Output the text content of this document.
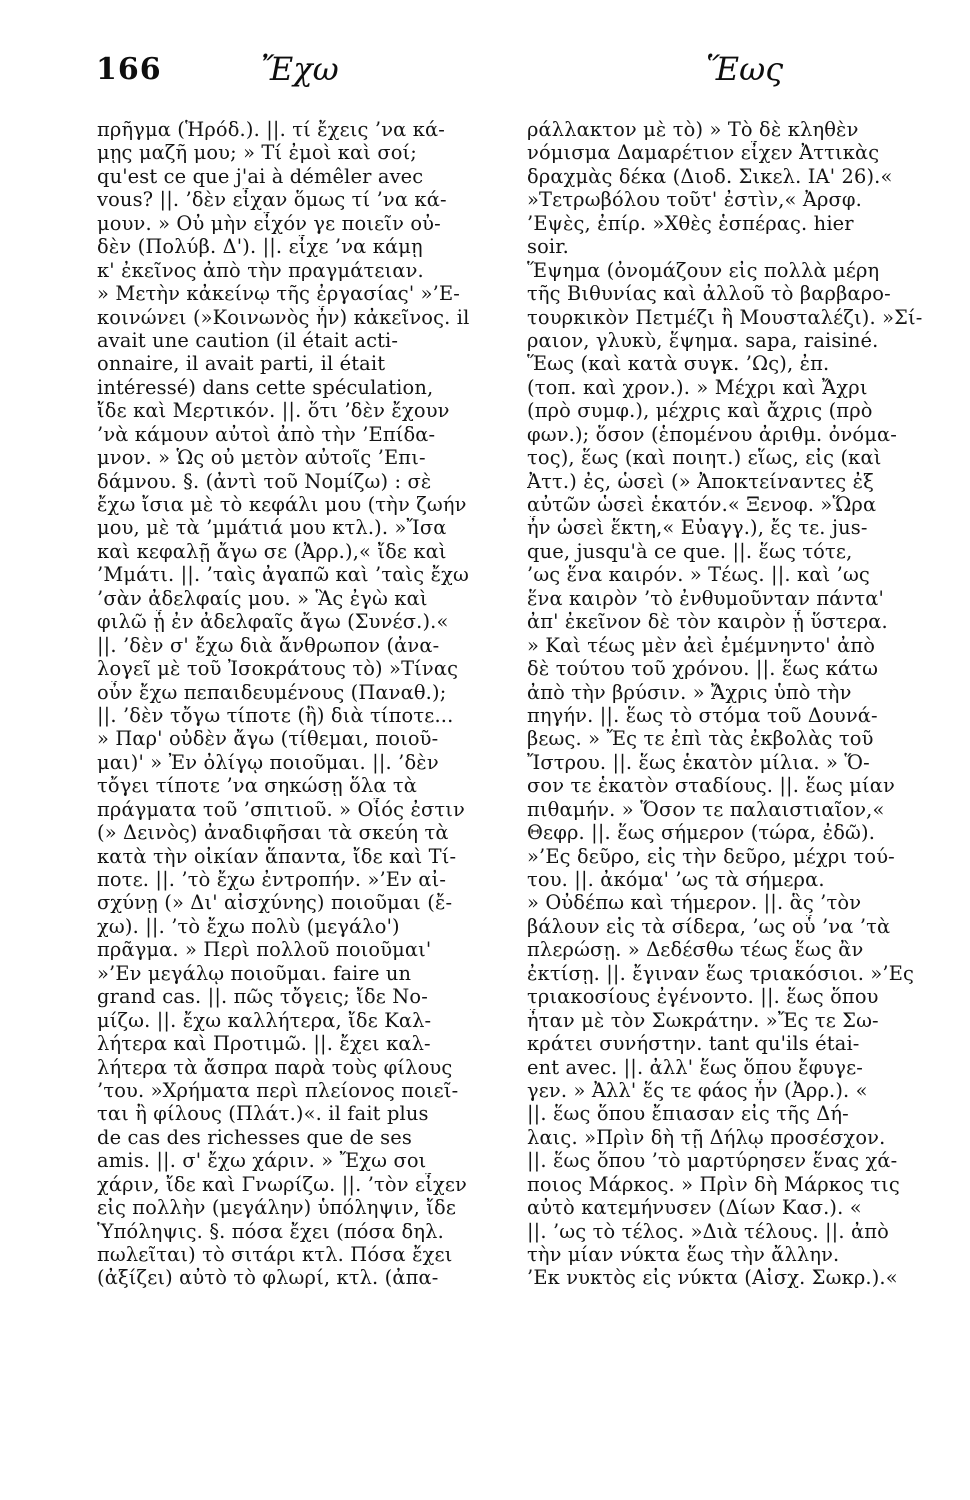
166	Ἔχω	Ἕως
πρῆγμα (Ἡρόδ.). ||. τί ἔχεις ’να κά-
μῃς μαζῆ μου; » Τί ἐμοὶ καὶ σοί;
qu'est ce que j'ai à démêler avec
vous? ||. ’δὲν εἶχαν ὅμως τί ’να κά-
μουν. » Οὐ μὴν εἶχόν γε ποιεῖν οὐ-
δὲν (Πολύβ. Δ'). ||. εἶχε ’να κάμῃ
κ' ἐκεῖνος ἀπὸ τὴν πραγμάτειαν.
» Μετὴν κἀκείνῳ τῆς ἐργασίας' »’Ε-
κοινώνει (»Κοινωνὸς ἦν) κἀκεῖνος. il
avait une caution (il était acti-
onnaire, il avait parti, il était
intéressé) dans cette spéculation,
ἴδε καὶ Μερτικόν. ||. ὅτι ’δὲν ἔχουν
’νὰ κάμουν αὐτοὶ ἀπὸ τὴν ’Επίδα-
μνον. » Ὡς οὐ μετὸν αὐτοῖς ’Επι-
δάμνου. §. (ἀντὶ τοῦ Νομίζω) : σὲ
ἔχω ἴσια μὲ τὸ κεφάλι μου (τὴν ζωήν
μου, μὲ τὰ ’μμάτιά μου κτλ.). »Ἴσα
καὶ κεφαλῇ ἄγω σε (Ἀρρ.),« ἴδε καὶ
’Μμάτι. ||. ’ταὶς ἀγαπῶ καὶ ’ταὶς ἔχω
’σὰν ἀδελφαίς μου. » Ἃς ἐγὼ καὶ
φιλῶ ᾗ ἐν ἀδελφαῖς ἄγω (Συνέσ.).«
||. ’δὲν σ' ἔχω διὰ ἄνθρωπον (ἀνα-
λογεῖ μὲ τοῦ Ἰσοκράτους τὸ) »Τίνας
οὖν ἔχω πεπαιδευμένους (Παναθ.);
||. ’δὲν τὄγω τίποτε (ἢ) διὰ τίποτε...
» Παρ' οὐδὲν ἄγω (τίθεμαι, ποιοῦ-
μαι)' » Ἐν ὀλίγῳ ποιοῦμαι. ||. ’δὲν
τὄγει τίποτε ’να σηκώσῃ ὅλα τὰ
πράγματα τοῦ ’σπιτιοῦ. » Οἷός ἐστιν
(» Δεινὸς) ἀναδιφῆσαι τὰ σκεύη τὰ
κατὰ τὴν οἰκίαν ἅπαντα, ἴδε καὶ Τί-
ποτε. ||. ’τὸ ἔχω ἐντροπήν. »’Εν αἰ-
σχύνῃ (» Δι' αἰσχύνης) ποιοῦμαι (ἔ-
χω). ||. ’τὸ ἔχω πολὺ (μεγάλο')
πρᾶγμα. » Περὶ πολλοῦ ποιοῦμαι'
»’Εν μεγάλῳ ποιοῦμαι. faire un
grand cas. ||. πῶς τὄγεις; ἴδε Νο-
μίζω. ||. ἔχω καλλήτερα, ἴδε Καλ-
λήτερα καὶ Προτιμῶ. ||. ἔχει καλ-
λήτερα τὰ ἄσπρα παρὰ τοὺς φίλους
’του. »Χρήματα περὶ πλείονος ποιεῖ-
ται ἢ φίλους (Πλάτ.)«. il fait plus
de cas des richesses que de ses
amis. ||. σ' ἔχω χάριν. » Ἔχω σοι
χάριν, ἴδε καὶ Γνωρίζω. ||. ’τὸν εἶχεν
εἰς πολλὴν (μεγάλην) ὑπόληψιν, ἴδε
Ὑπόληψις. §. πόσα ἔχει (πόσα δηλ.
πωλεῖται) τὸ σιτάρι κτλ. Πόσα ἔχει
(ἀξίζει) αὐτὸ τὸ φλωρί, κτλ. (ἀπα-
ράλλακτον μὲ τὸ) » Τὸ δὲ κληθὲν
νόμισμα Δαμαρέτιον εἶχεν Ἀττικὰς
δραχμὰς δέκα (Διοδ. Σικελ. ΙΑ' 26).«
»Τετρωβόλου τοῦτ' ἐστὶν,« Ἀρσφ.
’Εψὲς, ἐπίρ. »Χθὲς ἑσπέρας. hier
soir.
Ἕψημα (ὀνομάζουν εἰς πολλὰ μέρη
τῆς Βιθυνίας καὶ ἀλλοῦ τὸ βαρβαρο-
τουρκικὸν Πετμέζι ἢ Μουσταλέζι). »Σί-
ραιον, γλυκὺ, ἕψημα. sapa, raisiné.
Ἕως (καὶ κατὰ συγκ. ’Ως), ἐπ.
(τοπ. καὶ χρον.). » Μέχρι καὶ Ἄχρι
(πρὸ συμφ.), μέχρις καὶ ἄχρις (πρὸ
φων.); ὅσον (ἑπομένου ἀριθμ. ὀνόμα-
τος), ἕως (καὶ ποιητ.) εἵως, εἰς (καὶ
Ἀττ.) ἐς, ὡσεὶ (» Ἀποκτείναντες ἐξ
αὐτῶν ὡσεὶ ἑκατόν.« Ξενοφ. »Ὥρα
ἦν ὡσεὶ ἕκτη,« Εὐαγγ.), ἔς τε. jus-
que, jusqu'à ce que. ||. ἕως τότε,
’ως ἕνα καιρόν. » Τέως. ||. καὶ ’ως
ἕνα καιρὸν ’τὸ ἐνθυμοῦνταν πάντα'
ἀπ' ἐκεῖνον δὲ τὸν καιρὸν ᾗ ὕστερα.
» Καὶ τέως μὲν ἀεὶ ἐμέμνηντο' ἀπὸ
δὲ τούτου τοῦ χρόνου. ||. ἕως κάτω
ἀπὸ τὴν βρύσιν. » Ἄχρις ὑπὸ τὴν
πηγήν. ||. ἕως τὸ στόμα τοῦ Δουνά-
βεως. » Ἔς τε ἐπὶ τὰς ἐκβολὰς τοῦ
Ἴστρου. ||. ἕως ἑκατὸν μίλια. » Ὅ-
σον τε ἑκατὸν σταδίους. ||. ἕως μίαν
πιθαμήν. » Ὅσον τε παλαιστιαῖον,«
Θεφρ. ||. ἕως σήμερον (τώρα, ἐδῶ).
»’Ες δεῦρο, εἰς τὴν δεῦρο, μέχρι τού-
του. ||. ἀκόμα' ’ως τὰ σήμερα.
» Οὐδέπω καὶ τήμερον. ||. ἃς ’τὸν
βάλουν εἰς τὰ σίδερα, ’ως οὗ ’να ’τὰ
πλερώσῃ. » Δεδέσθω τέως ἕως ἂν
ἐκτίσῃ. ||. ἔγιναν ἕως τριακόσιοι. »’Ες
τριακοσίους ἐγένοντο. ||. ἕως ὅπου
ἦταν μὲ τὸν Σωκράτην. »Ἔς τε Σω-
κράτει συνήστην. tant qu'ils étai-
ent avec. ||. ἀλλ' ἕως ὅπου ἔφυγε-
γεν. » Ἀλλ' ἕς τε φάος ἦν (Ἀρρ.). «
||. ἕως ὅπου ἔπιασαν εἰς τῆς Δή-
λαις. »Πρὶν δὴ τῇ Δήλῳ προσέσχον.
||. ἕως ὅπου ’τὸ μαρτύρησεν ἕνας χά-
ποιος Μάρκος. » Πρὶν δὴ Μάρκος τις
αὐτὸ κατεμήνυσεν (Δίων Κασ.). «
||. ’ως τὸ τέλος. »Διὰ τέλους. ||. ἀπὸ
τὴν μίαν νύκτα ἕως τὴν ἄλλην.
’Εκ νυκτὸς εἰς νύκτα (Αἰσχ. Σωκρ.).«
